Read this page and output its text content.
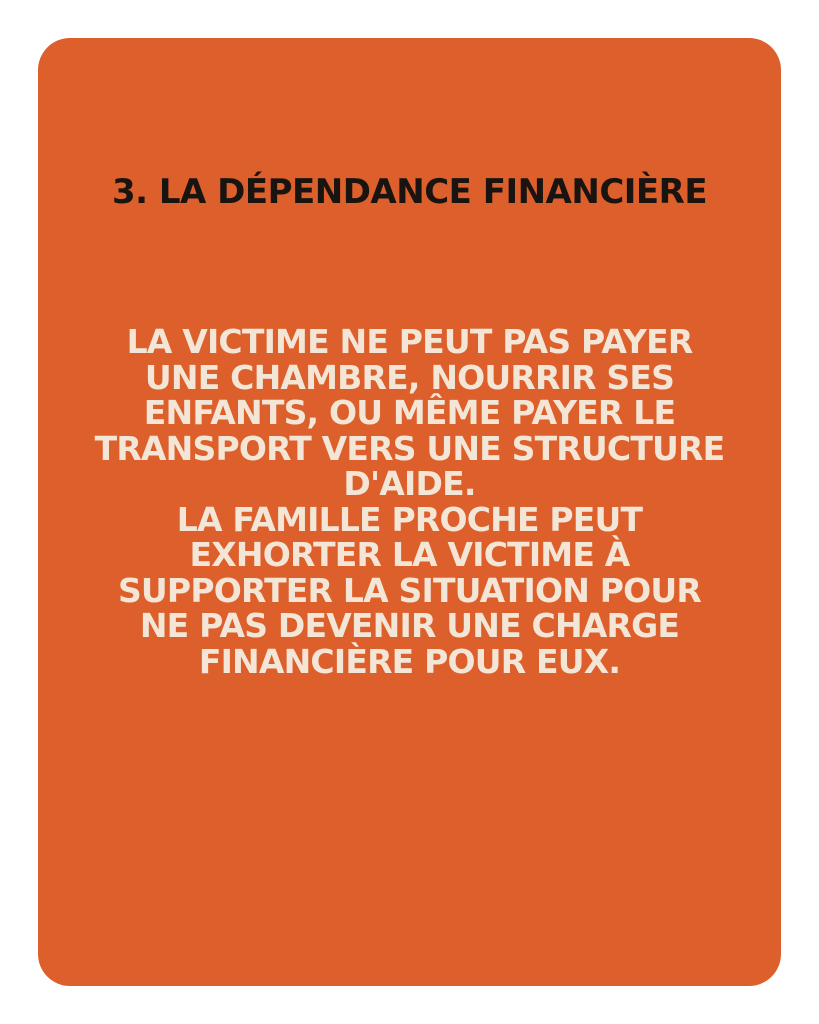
3. LA DÉPENDANCE FINANCIÈRE
LA VICTIME NE PEUT PAS PAYER
UNE CHAMBRE, NOURRIR SES
ENFANTS, OU MÊME PAYER LE
TRANSPORT VERS UNE STRUCTURE
D'AIDE.
LA FAMILLE PROCHE PEUT
EXHORTER LA VICTIME À
SUPPORTER LA SITUATION POUR
NE PAS DEVENIR UNE CHARGE
FINANCIÈRE POUR EUX.
